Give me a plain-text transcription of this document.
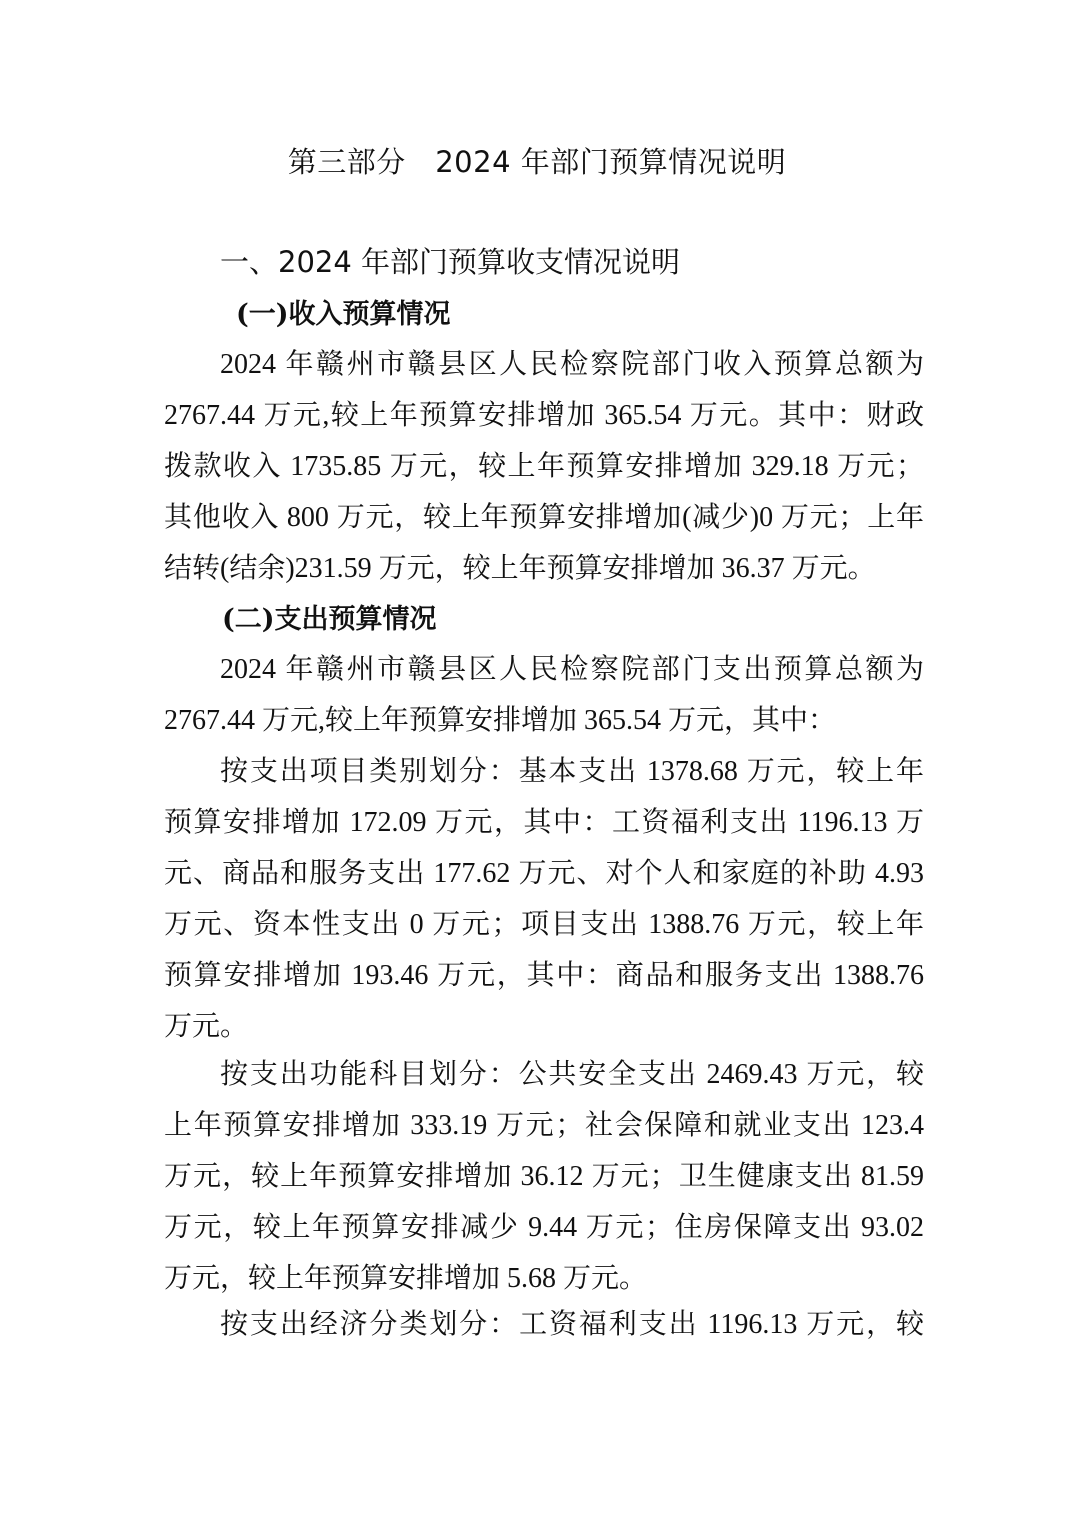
第三部分　2024 年部门预算情况说明
一、2024 年部门预算收支情况说明
(一)收入预算情况
2024 年赣州市赣县区人民检察院部门收入预算总额为
2767.44 万元,较上年预算安排增加 365.54 万元。其中：财政
拨款收入 1735.85 万元，较上年预算安排增加 329.18 万元；
其他收入 800 万元，较上年预算安排增加(减少)0 万元；上年
结转(结余)231.59 万元，较上年预算安排增加 36.37 万元。
(二)支出预算情况
2024 年赣州市赣县区人民检察院部门支出预算总额为
2767.44 万元,较上年预算安排增加 365.54 万元，其中：
按支出项目类别划分：基本支出 1378.68 万元，较上年
预算安排增加 172.09 万元，其中：工资福利支出 1196.13 万
元、商品和服务支出 177.62 万元、对个人和家庭的补助 4.93
万元、资本性支出 0 万元；项目支出 1388.76 万元，较上年
预算安排增加 193.46 万元，其中：商品和服务支出 1388.76
万元。
按支出功能科目划分：公共安全支出 2469.43 万元，较
上年预算安排增加 333.19 万元；社会保障和就业支出 123.4
万元，较上年预算安排增加 36.12 万元；卫生健康支出 81.59
万元，较上年预算安排减少 9.44 万元；住房保障支出 93.02
万元，较上年预算安排增加 5.68 万元。
按支出经济分类划分：工资福利支出 1196.13 万元，较
